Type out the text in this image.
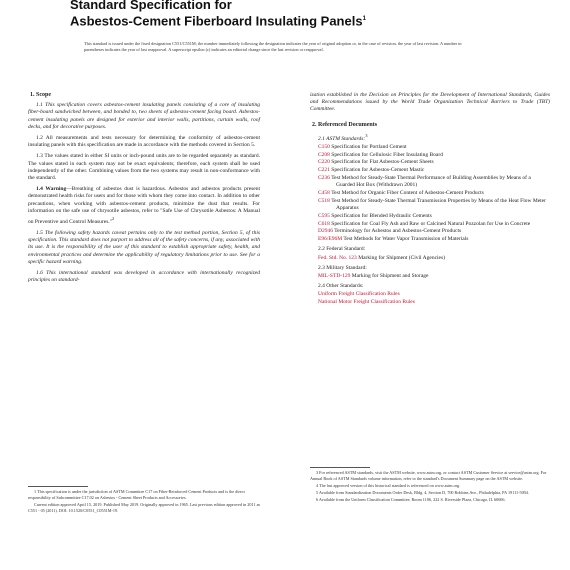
Standard Specification for
Asbestos-Cement Fiberboard Insulating Panels$^1$
This standard is issued under the fixed designation C551/C551M; the number immediately following the designation indicates the year of original adoption or, in the case of revision, the year of last revision. A number in parentheses indicates the year of last reapproval. A superscript epsilon (ε) indicates an editorial change since the last revision or reapproval.
1. Scope

1.1 This specification covers asbestos-cement insulating panels consisting of a core of insulating fiber-board sandwiched between, and bonded to, two sheets of asbestos-cement facing board. Asbestos-cement insulating panels are designed for exterior and interior walls, partitions, curtain walls, roof decks, and for decorative purposes.

1.2 All measurements and tests necessary for determining the conformity of asbestos-cement insulating panels with this specification are made in accordance with the methods covered in Section 5.

1.3 The values stated in either SI units or inch-pound units are to be regarded separately as standard. The values stated in each system may not be exact equivalents; therefore, each system shall be used independently of the other. Combining values from the two systems may result in non-conformance with the standard.

1.4 Warning—Breathing of asbestos dust is hazardous. Asbestos and asbestos products present demonstrated health risks for users and for those with whom they come into contact. In addition to other precautions, when working with asbestos-cement products, minimize the dust that results. For information on the safe use of chrysotile asbestos, refer to "Safe Use of Chrysotile Asbestos: A Manual on Preventive and Control Measures."$^2$

1.5 The following safety hazards caveat pertains only to the test method portion, Section 5, of this specification. This standard does not purport to address all of the safety concerns, if any, associated with its use. It is the responsibility of the user of this standard to establish appropriate safety, health, and environmental practices and determine the applicability of regulatory limitations prior to use. See for a specific hazard warning.

1.6 This international standard was developed in accordance with internationally recognized principles on standard-

ization established in the Decision on Principles for the Development of International Standards, Guides and Recommendations issued by the World Trade Organization Technical Barriers to Trade (TBT) Committee.

2. Referenced Documents
2.1 ASTM Standards:$^3$
C150 Specification for Portland Cement
C208 Specification for Cellulosic Fiber Insulating Board
C220 Specification for Flat Asbestos-Cement Sheets
C221 Specification for Asbestos-Cement Mastic
C236 Test Method for Steady-State Thermal Performance of Building Assemblies by Means of a Guarded Hot Box (Withdrawn 2001)
C458 Test Method for Organic Fiber Content of Asbestos-Cement Products
C518 Test Method for Steady-State Thermal Transmission Properties by Means of the Heat Flow Meter Apparatus
C595 Specification for Blended Hydraulic Cements
C618 Specification for Coal Fly Ash and Raw or Calcined Natural Pozzolan for Use in Concrete
D2946 Terminology for Asbestos and Asbestos-Cement Products
E96/E96M Test Methods for Water Vapor Transmission of Materials
2.2 Federal Standard:
Fed. Std. No. 123 Marking for Shipment (Civil Agencies)
2.3 Military Standard:
MIL-STD-129 Marking for Shipment and Storage
2.4 Other Standards:
Uniform Freight Classification Rules
National Motor Freight Classification Rules

1 This specification is under the jurisdiction of ASTM Committee C17 on Fiber-Reinforced Cement Products and is the direct responsibility of Subcommittee C17.02 on Asbestos - Cement Sheet Products and Accessories.

Current edition approved April 15, 2019. Published May 2019. Originally approved in 1965. Last previous edition approved in 2011 as C551 - 05 (2011). DOI: 10.1520/C0551_C0551M-19.

3 For referenced ASTM standards, visit the ASTM website, www.astm.org, or contact ASTM Customer Service at service@astm.org. For Annual Book of ASTM Standards volume information, refer to the standard's Document Summary page on the ASTM website.

4 The last approved version of this historical standard is referenced on www.astm.org.

5 Available from Standardization Documents Order Desk, Bldg. 4, Section D, 700 Robbins Ave., Philadelphia, PA 19111-5094.

6 Available from the Uniform Classification Committee, Room 1106, 222 S. Riverside Plaza, Chicago, IL 60606.
